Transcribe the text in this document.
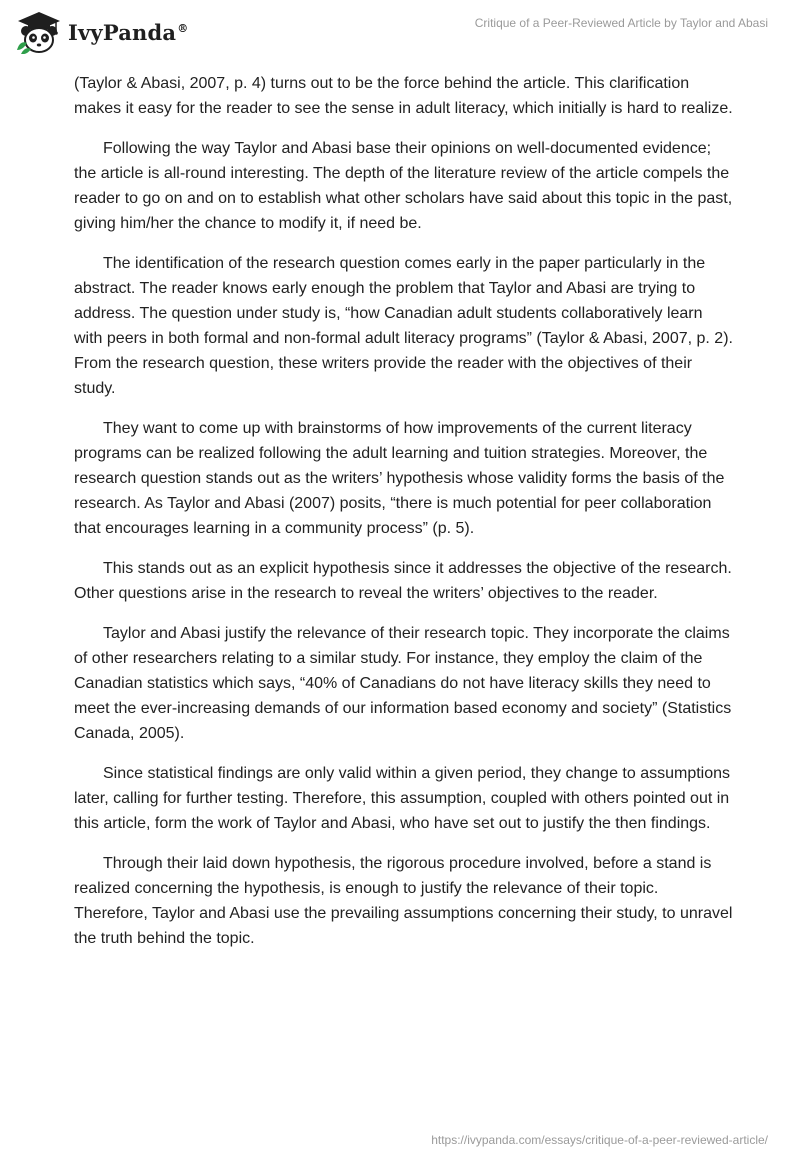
IvyPanda®	Critique of a Peer-Reviewed Article by Taylor and Abasi

(Taylor & Abasi, 2007, p. 4) turns out to be the force behind the article. This clarification makes it easy for the reader to see the sense in adult literacy, which initially is hard to realize.

Following the way Taylor and Abasi base their opinions on well-documented evidence; the article is all-round interesting. The depth of the literature review of the article compels the reader to go on and on to establish what other scholars have said about this topic in the past, giving him/her the chance to modify it, if need be.

The identification of the research question comes early in the paper particularly in the abstract. The reader knows early enough the problem that Taylor and Abasi are trying to address. The question under study is, “how Canadian adult students collaboratively learn with peers in both formal and non-formal adult literacy programs” (Taylor & Abasi, 2007, p. 2). From the research question, these writers provide the reader with the objectives of their study.

They want to come up with brainstorms of how improvements of the current literacy programs can be realized following the adult learning and tuition strategies. Moreover, the research question stands out as the writers’ hypothesis whose validity forms the basis of the research. As Taylor and Abasi (2007) posits, “there is much potential for peer collaboration that encourages learning in a community process” (p. 5).

This stands out as an explicit hypothesis since it addresses the objective of the research. Other questions arise in the research to reveal the writers’ objectives to the reader.

Taylor and Abasi justify the relevance of their research topic. They incorporate the claims of other researchers relating to a similar study. For instance, they employ the claim of the Canadian statistics which says, “40% of Canadians do not have literacy skills they need to meet the ever-increasing demands of our information based economy and society” (Statistics Canada, 2005).

Since statistical findings are only valid within a given period, they change to assumptions later, calling for further testing. Therefore, this assumption, coupled with others pointed out in this article, form the work of Taylor and Abasi, who have set out to justify the then findings.

Through their laid down hypothesis, the rigorous procedure involved, before a stand is realized concerning the hypothesis, is enough to justify the relevance of their topic. Therefore, Taylor and Abasi use the prevailing assumptions concerning their study, to unravel the truth behind the topic.

https://ivypanda.com/essays/critique-of-a-peer-reviewed-article/
